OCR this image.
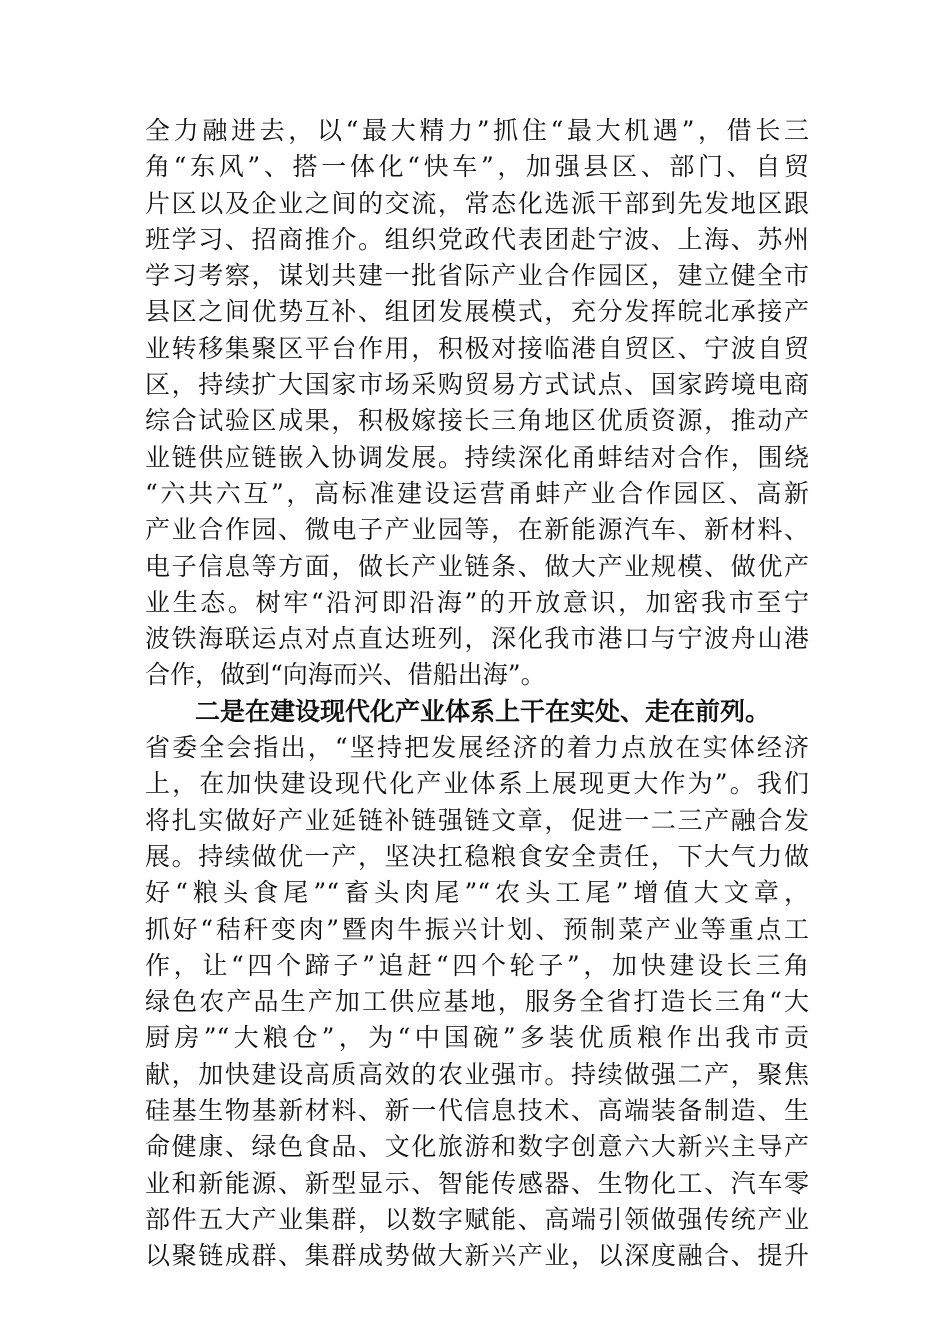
全力融进去，以“最大精力”抓住“最大机遇”，借长三
角“东风”、搭一体化“快车”，加强县区、部门、自贸
片区以及企业之间的交流，常态化选派干部到先发地区跟
班学习、招商推介。组织党政代表团赴宁波、上海、苏州
学习考察，谋划共建一批省际产业合作园区，建立健全市
县区之间优势互补、组团发展模式，充分发挥皖北承接产
业转移集聚区平台作用，积极对接临港自贸区、宁波自贸
区，持续扩大国家市场采购贸易方式试点、国家跨境电商
综合试验区成果，积极嫁接长三角地区优质资源，推动产
业链供应链嵌入协调发展。持续深化甬蚌结对合作，围绕
“六共六互”，高标准建设运营甬蚌产业合作园区、高新
产业合作园、微电子产业园等，在新能源汽车、新材料、
电子信息等方面，做长产业链条、做大产业规模、做优产
业生态。树牢“沿河即沿海”的开放意识，加密我市至宁
波铁海联运点对点直达班列，深化我市港口与宁波舟山港
合作，做到“向海而兴、借船出海”。
二是在建设现代化产业体系上干在实处、走在前列。
省委全会指出，“坚持把发展经济的着力点放在实体经济
上，在加快建设现代化产业体系上展现更大作为”。我们
将扎实做好产业延链补链强链文章，促进一二三产融合发
展。持续做优一产，坚决扛稳粮食安全责任，下大气力做
好“粮头食尾”“畜头肉尾”“农头工尾”增值大文章，
抓好“秸秆变肉”暨肉牛振兴计划、预制菜产业等重点工
作，让“四个蹄子”追赶“四个轮子”，加快建设长三角
绿色农产品生产加工供应基地，服务全省打造长三角“大
厨房”“大粮仓”，为“中国碗”多装优质粮作出我市贡
献，加快建设高质高效的农业强市。持续做强二产，聚焦
硅基生物基新材料、新一代信息技术、高端装备制造、生
命健康、绿色食品、文化旅游和数字创意六大新兴主导产
业和新能源、新型显示、智能传感器、生物化工、汽车零
部件五大产业集群，以数字赋能、高端引领做强传统产业
以聚链成群、集群成势做大新兴产业，以深度融合、提升
